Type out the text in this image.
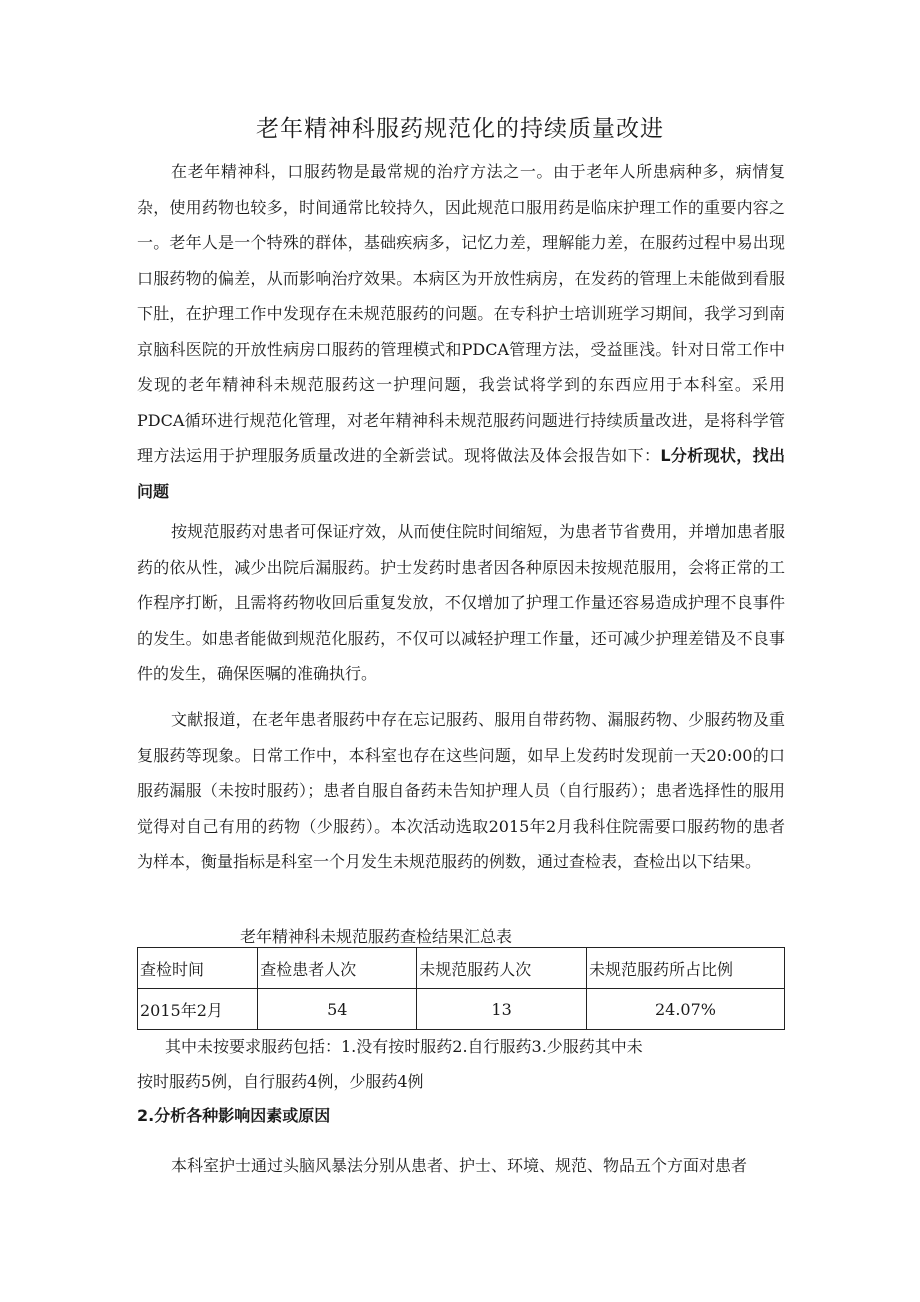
老年精神科服药规范化的持续质量改进

在老年精神科，口服药物是最常规的治疗方法之一。由于老年人所患病种多，病情复杂，使用药物也较多，时间通常比较持久，因此规范口服用药是临床护理工作的重要内容之一。老年人是一个特殊的群体，基础疾病多，记忆力差，理解能力差，在服药过程中易出现口服药物的偏差，从而影响治疗效果。本病区为开放性病房，在发药的管理上未能做到看服下肚，在护理工作中发现存在未规范服药的问题。在专科护士培训班学习期间，我学习到南京脑科医院的开放性病房口服药的管理模式和PDCA管理方法，受益匪浅。针对日常工作中发现的老年精神科未规范服药这一护理问题，我尝试将学到的东西应用于本科室。采用PDCA循环进行规范化管理，对老年精神科未规范服药问题进行持续质量改进，是将科学管理方法运用于护理服务质量改进的全新尝试。现将做法及体会报告如下：L分析现状，找出问题

按规范服药对患者可保证疗效，从而使住院时间缩短，为患者节省费用，并增加患者服药的依从性，减少出院后漏服药。护士发药时患者因各种原因未按规范服用，会将正常的工作程序打断，且需将药物收回后重复发放，不仅增加了护理工作量还容易造成护理不良事件的发生。如患者能做到规范化服药，不仅可以减轻护理工作量，还可减少护理差错及不良事件的发生，确保医嘱的准确执行。

文献报道，在老年患者服药中存在忘记服药、服用自带药物、漏服药物、少服药物及重复服药等现象。日常工作中，本科室也存在这些问题，如早上发药时发现前一天20:00的口服药漏服（未按时服药）；患者自服自备药未告知护理人员（自行服药）；患者选择性的服用觉得对自己有用的药物（少服药）。本次活动选取2015年2月我科住院需要口服药物的患者为样本，衡量指标是科室一个月发生未规范服药的例数，通过查检表，查检出以下结果。

老年精神科未规范服药查检结果汇总表
查检时间	查检患者人次	未规范服药人次	未规范服药所占比例
2015年2月	54	13	24.07%
其中未按要求服药包括：1.没有按时服药2.自行服药3.少服药其中未
按时服药5例，自行服药4例，少服药4例
2.分析各种影响因素或原因
本科室护士通过头脑风暴法分别从患者、护士、环境、规范、物品五个方面对患者
